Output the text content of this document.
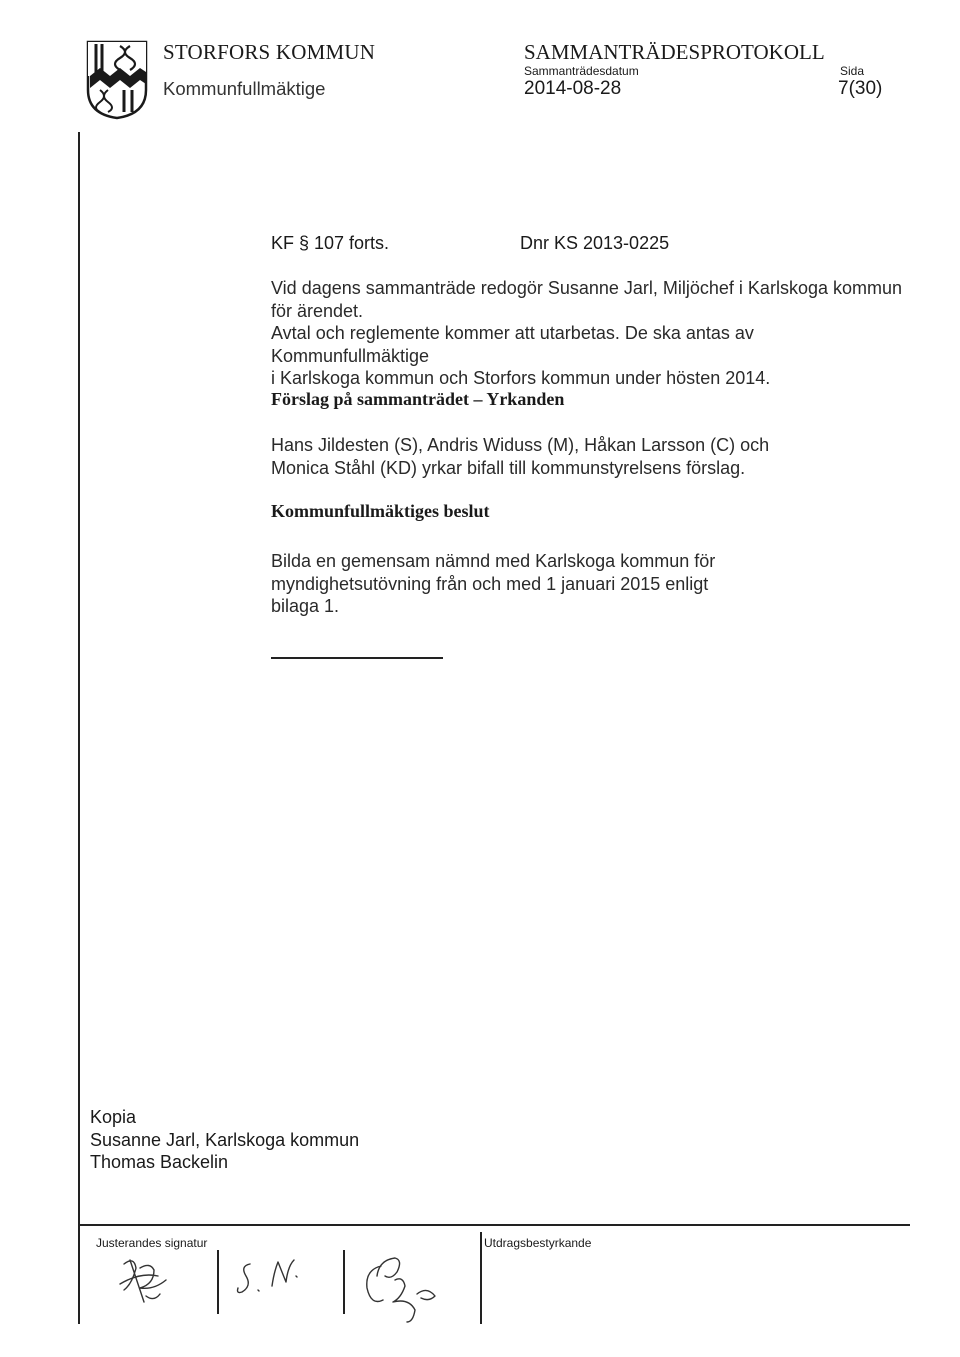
STORFORS KOMMUN
Kommunfullmäktige
SAMMANTRÄDESPROTOKOLL
Sammanträdesdatum
2014-08-28
Sida
7(30)
KF § 107 forts.	Dnr KS 2013-0225
Vid dagens sammanträde redogör Susanne Jarl, Miljöchef i Karlskoga kommun
för ärendet.
Avtal och reglemente kommer att utarbetas. De ska antas av Kommunfullmäktige
i Karlskoga kommun och Storfors kommun under hösten 2014.
Förslag på sammanträdet – Yrkanden
Hans Jildesten (S), Andris Widuss (M), Håkan Larsson (C) och
Monica Ståhl (KD) yrkar bifall till kommunstyrelsens förslag.
Kommunfullmäktiges beslut
Bilda en gemensam nämnd med Karlskoga kommun för
myndighetsutövning från och med 1 januari 2015 enligt
bilaga 1.
Kopia
Susanne Jarl, Karlskoga kommun
Thomas Backelin
Justerandes signatur	Utdragsbestyrkande
